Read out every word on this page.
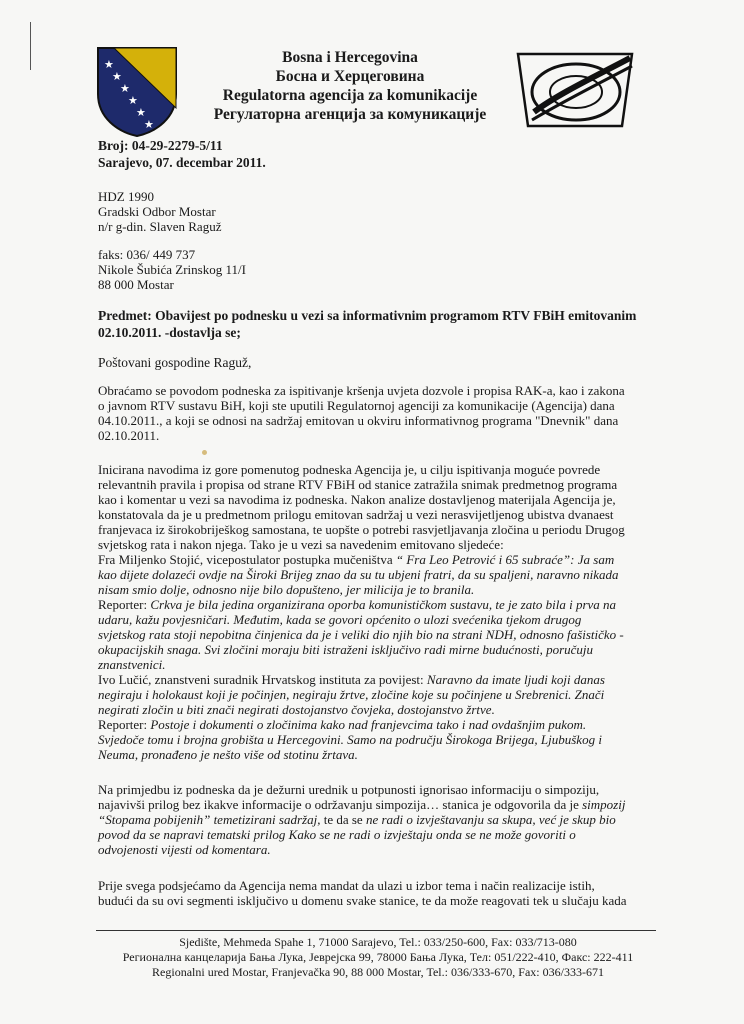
★
★
★
★
★
★
Bosna i Hercegovina
Босна и Херцеговина
Regulatorna agencija za komunikacije
Регулаторна агенција за комуникације
Broj: 04-29-2279-5/11
Sarajevo, 07. decembar 2011.
HDZ 1990
Gradski Odbor Mostar
n/r g-din. Slaven Raguž
faks: 036/ 449 737
Nikole Šubića Zrinskog 11/I
88 000 Mostar
Predmet: Obavijest po podnesku u vezi sa informativnim programom RTV FBiH emitovanim
02.10.2011. -dostavlja se;
Poštovani gospodine Raguž,
Obraćamo se povodom podneska za ispitivanje kršenja uvjeta dozvole i propisa RAK-a, kao i zakona
o javnom RTV sustavu BiH, koji ste uputili Regulatornoj agenciji za komunikacije (Agencija) dana
04.10.2011., a koji se odnosi na sadržaj emitovan u okviru informativnog programa "Dnevnik" dana
02.10.2011.
Inicirana navodima iz gore pomenutog podneska Agencija je, u cilju ispitivanja moguće povrede
relevantnih pravila i propisa od strane RTV FBiH od stanice zatražila snimak predmetnog programa
kao i komentar u vezi sa navodima iz podneska. Nakon analize dostavljenog materijala Agencija je,
konstatovala da je u predmetnom prilogu emitovan sadržaj u vezi nerasvijetljenog ubistva dvanaest
franjevaca iz širokobriješkog samostana, te uopšte o potrebi rasvjetljavanja zločina u periodu Drugog
svjetskog rata i nakon njega. Tako je u vezi sa navedenim emitovano sljedeće:
Fra Miljenko Stojić, vicepostulator postupka mučeništva “ Fra Leo Petrović i 65 subraće”: Ja sam
kao dijete dolazeći ovdje na Široki Brijeg znao da su tu ubjeni fratri, da su spaljeni, naravno nikada
nisam smio dolje, odnosno nije bilo dopušteno, jer milicija je to branila.
Reporter: Crkva je bila jedina organizirana oporba komunističkom sustavu, te je zato bila i prva na
udaru, kažu povjesničari. Međutim, kada se govori općenito o ulozi svećenika tjekom drugog
svjetskog rata stoji nepobitna činjenica da je i veliki dio njih bio na strani NDH, odnosno fašističko -
okupacijskih snaga. Svi zločini moraju biti istraženi isključivo radi mirne budućnosti, poručuju
znanstvenici.
Ivo Lučić, znanstveni suradnik Hrvatskog instituta za povijest: Naravno da imate ljudi koji danas
negiraju i holokaust koji je počinjen, negiraju žrtve, zločine koje su počinjene u Srebrenici. Znači
negirati zločin u biti znači negirati dostojanstvo čovjeka, dostojanstvo žrtve.
Reporter: Postoje i dokumenti o zločinima kako nad franjevcima tako i nad ovdašnjim pukom.
Svjedoče tomu i brojna grobišta u Hercegovini. Samo na području Širokoga Brijega, Ljubuškog i
Neuma, pronađeno je nešto više od stotinu žrtava.
Na primjedbu iz podneska da je dežurni urednik u potpunosti ignorisao informaciju o simpoziju,
najavivši prilog bez ikakve informacije o održavanju simpozija… stanica je odgovorila da je simpozij
“Stopama pobijenih” temetizirani sadržaj, te da se ne radi o izvještavanju sa skupa, već je skup bio
povod da se napravi tematski prilog Kako se ne radi o izvještaju onda se ne može govoriti o
odvojenosti vijesti od komentara.
Prije svega podsjećamo da Agencija nema mandat da ulazi u izbor tema i način realizacije istih,
budući da su ovi segmenti isključivo u domenu svake stanice, te da može reagovati tek u slučaju kada
Sjedište, Mehmeda Spahe 1, 71000 Sarajevo, Tel.: 033/250-600, Fax: 033/713-080
Регионална канцеларија Бања Лука, Јеврејска 99, 78000 Бања Лука, Тел: 051/222-410, Факс: 222-411
Regionalni ured Mostar, Franjevačka 90, 88 000 Mostar, Tel.: 036/333-670, Fax: 036/333-671
